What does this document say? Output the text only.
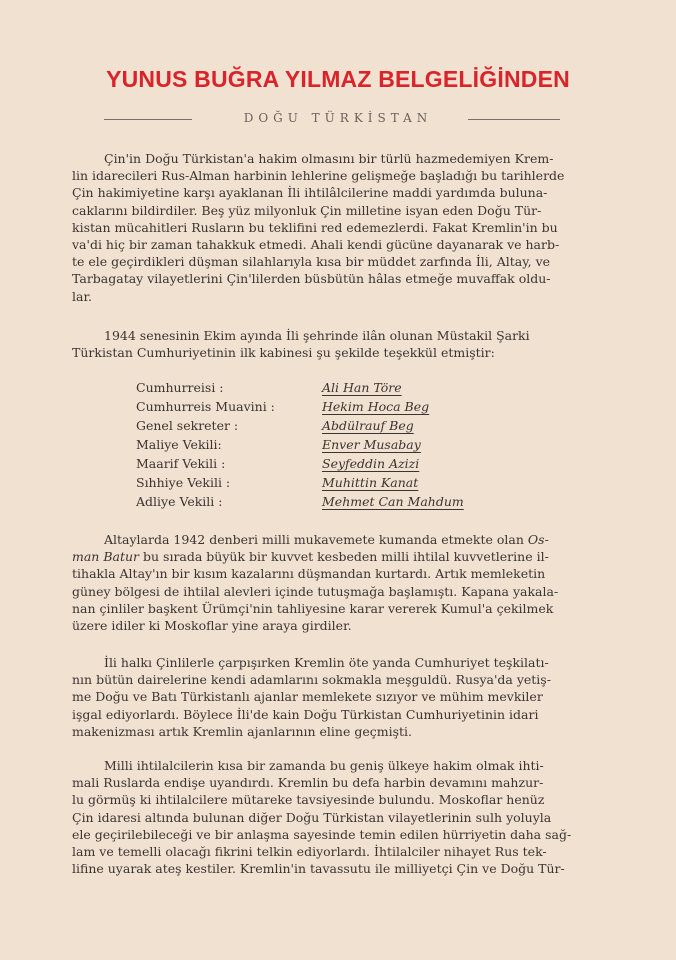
YUNUS BUĞRA YILMAZ BELGELİĞİNDEN
DOĞU TÜRKİSTAN
Çin'in Doğu Türkistan'a hakim olmasını bir türlü hazmedemiyen Krem-
lin idarecileri Rus-Alman harbinin lehlerine gelişmeğe başladığı bu tarihlerde
Çin hakimiyetine karşı ayaklanan İli ihtilâlcilerine maddi yardımda buluna-
caklarını bildirdiler. Beş yüz milyonluk Çin milletine isyan eden Doğu Tür-
kistan mücahitleri Rusların bu teklifini red edemezlerdi. Fakat Kremlin'in bu
va'di hiç bir zaman tahakkuk etmedi. Ahali kendi gücüne dayanarak ve harb-
te ele geçirdikleri düşman silahlarıyla kısa bir müddet zarfında İli, Altay, ve
Tarbagatay vilayetlerini Çin'lilerden büsbütün hâlas etmeğe muvaffak oldu-
lar.
1944 senesinin Ekim ayında İli şehrinde ilân olunan Müstakil Şarki
Türkistan Cumhuriyetinin ilk kabinesi şu şekilde teşekkül etmiştir:
Cumhurreisi :	Ali Han Töre
Cumhurreis Muavini :	Hekim Hoca Beg
Genel sekreter :	Abdülrauf Beg
Maliye Vekili:	Enver Musabay
Maarif Vekili :	Seyfeddin Azizi
Sıhhiye Vekili :	Muhittin Kanat
Adliye Vekili :	Mehmet Can Mahdum
Altaylarda 1942 denberi milli mukavemete kumanda etmekte olan Os-
man Batur bu sırada büyük bir kuvvet kesbeden milli ihtilal kuvvetlerine il-
tihakla Altay'ın bir kısım kazalarını düşmandan kurtardı. Artık memleketin
güney bölgesi de ihtilal alevleri içinde tutuşmağa başlamıştı. Kapana yakala-
nan çinliler başkent Ürümçi'nin tahliyesine karar vererek Kumul'a çekilmek
üzere idiler ki Moskoflar yine araya girdiler.
İli halkı Çinlilerle çarpışırken Kremlin öte yanda Cumhuriyet teşkilatı-
nın bütün dairelerine kendi adamlarını sokmakla meşguldü. Rusya'da yetiş-
me Doğu ve Batı Türkistanlı ajanlar memlekete sızıyor ve mühim mevkiler
işgal ediyorlardı. Böylece İli'de kain Doğu Türkistan Cumhuriyetinin idari
makenizması artık Kremlin ajanlarının eline geçmişti.
Milli ihtilalcilerin kısa bir zamanda bu geniş ülkeye hakim olmak ihti-
mali Ruslarda endişe uyandırdı. Kremlin bu defa harbin devamını mahzur-
lu görmüş ki ihtilalcilere mütareke tavsiyesinde bulundu. Moskoflar henüz
Çin idaresi altında bulunan diğer Doğu Türkistan vilayetlerinin sulh yoluyla
ele geçirilebileceği ve bir anlaşma sayesinde temin edilen hürriyetin daha sağ-
lam ve temelli olacağı fikrini telkin ediyorlardı. İhtilalciler nihayet Rus tek-
lifine uyarak ateş kestiler. Kremlin'in tavassutu ile milliyetçi Çin ve Doğu Tür-
